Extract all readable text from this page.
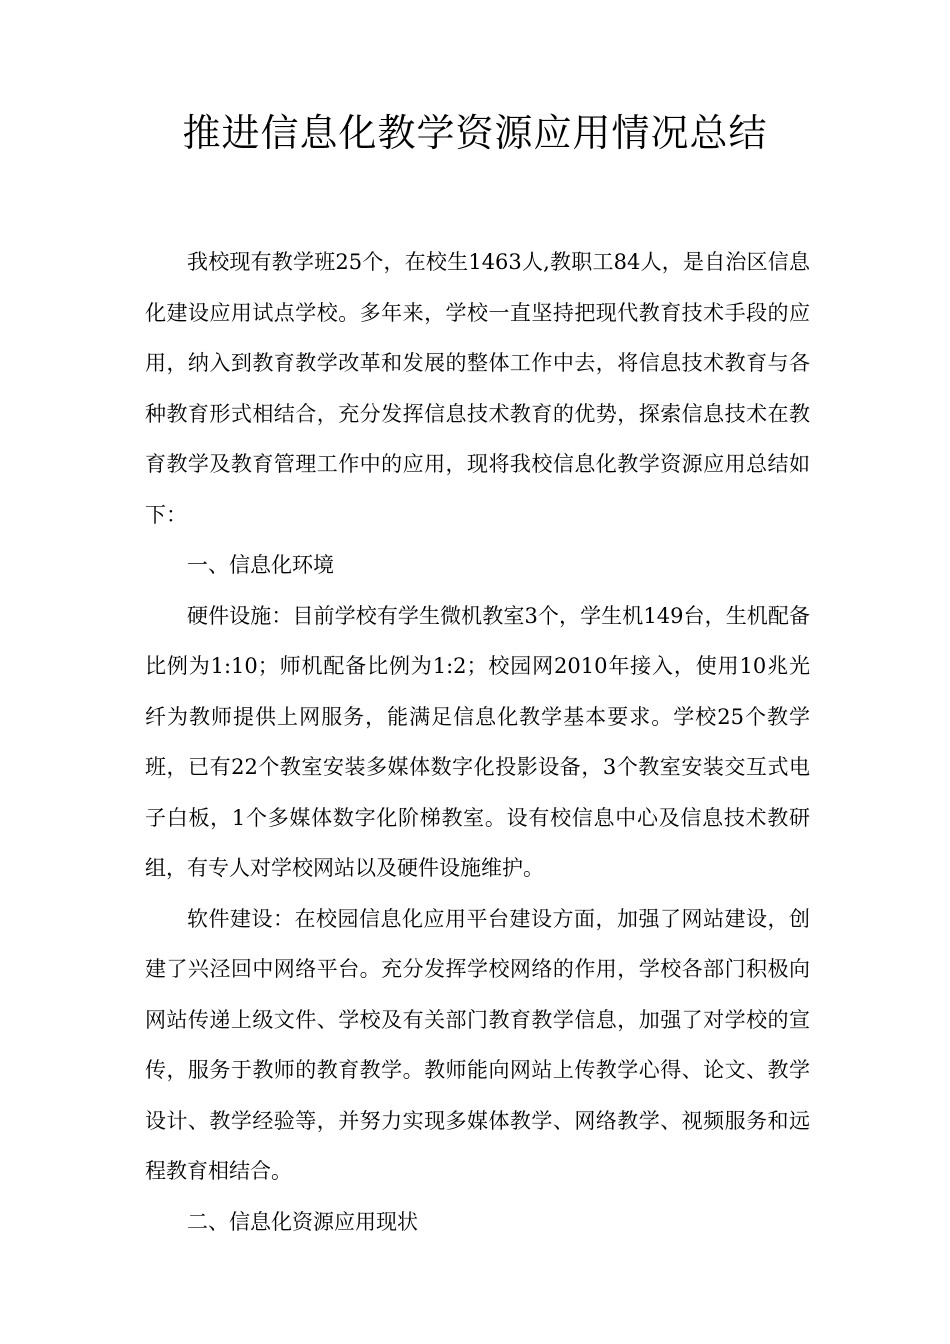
推进信息化教学资源应用情况总结

我校现有教学班25个，在校生1463人,教职工84人，是自治区信息化建设应用试点学校。多年来，学校一直坚持把现代教育技术手段的应用，纳入到教育教学改革和发展的整体工作中去，将信息技术教育与各种教育形式相结合，充分发挥信息技术教育的优势，探索信息技术在教育教学及教育管理工作中的应用，现将我校信息化教学资源应用总结如下：

一、信息化环境

硬件设施：目前学校有学生微机教室3个，学生机149台，生机配备比例为1:10；师机配备比例为1:2；校园网2010年接入，使用10兆光纤为教师提供上网服务，能满足信息化教学基本要求。学校25个教学班，已有22个教室安装多媒体数字化投影设备，3个教室安装交互式电子白板，1个多媒体数字化阶梯教室。设有校信息中心及信息技术教研组，有专人对学校网站以及硬件设施维护。

软件建设：在校园信息化应用平台建设方面，加强了网站建设，创建了兴泾回中网络平台。充分发挥学校网络的作用，学校各部门积极向网站传递上级文件、学校及有关部门教育教学信息，加强了对学校的宣传，服务于教师的教育教学。教师能向网站上传教学心得、论文、教学设计、教学经验等，并努力实现多媒体教学、网络教学、视频服务和远程教育相结合。

二、信息化资源应用现状
